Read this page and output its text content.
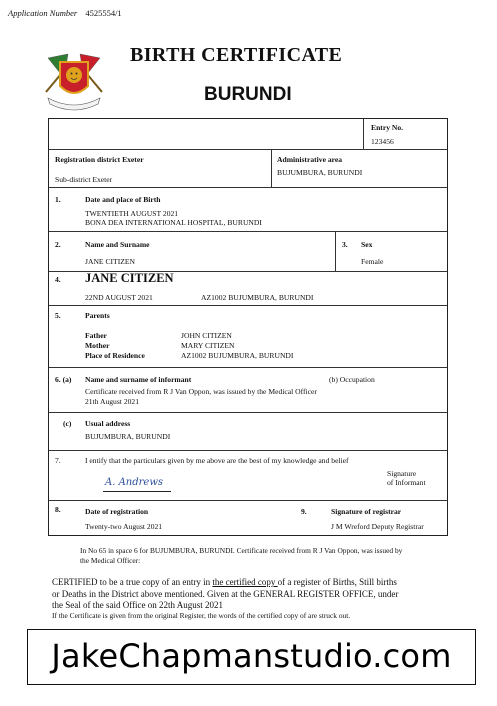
Application Number 4525554/1
BIRTH CERTIFICATE
BURUNDI
Entry No.
123456
Registration district Exeter
Sub-district Exeter
Administrative area
BUJUMBURA, BURUNDI
1.	Date and place of Birth
TWENTIETH AUGUST 2021
BONA DEA INTERNATIONAL HOSPITAL, BURUNDI
2.	Name and Surname
JANE CITIZEN
3. Sex
Female
4. JANE CITIZEN
22ND AUGUST 2021	AZ1002 BUJUMBURA, BURUNDI
5.	Parents
Father	JOHN CITIZEN
Mother	MARY CITIZEN
Place of Residence	AZ1002 BUJUMBURA, BURUNDI
6. (a) Name and surname of informant	(b) Occupation
Certificate received from R J Van Oppon, was issued by the Medical Officer
21th August 2021
(c) Usual address
BUJUMBURA, BURUNDI
7.	I entify that the particulars given by me above are the best of my knowledge and belief
Signature
of Informant
A. Andrews
8.	Date of registration
Twenty-two August 2021
9.	Signature of registrar
J M Wreford Deputy Registrar
In No 65 in space 6 for BUJUMBURA, BURUNDI. Certificate received from R J Van Oppon, was issued by
the Medical Officer:
CERTIFIED to be a true copy of an entry in the certified copy of a register of Births, Still births
or Deaths in the District above mentioned. Given at the GENERAL REGISTER OFFICE, under
the Seal of the said Office on 22th August 2021
If the Certificate is given from the original Register, the words of the certified copy of are struck out.
JakeChapmanstudio.com
